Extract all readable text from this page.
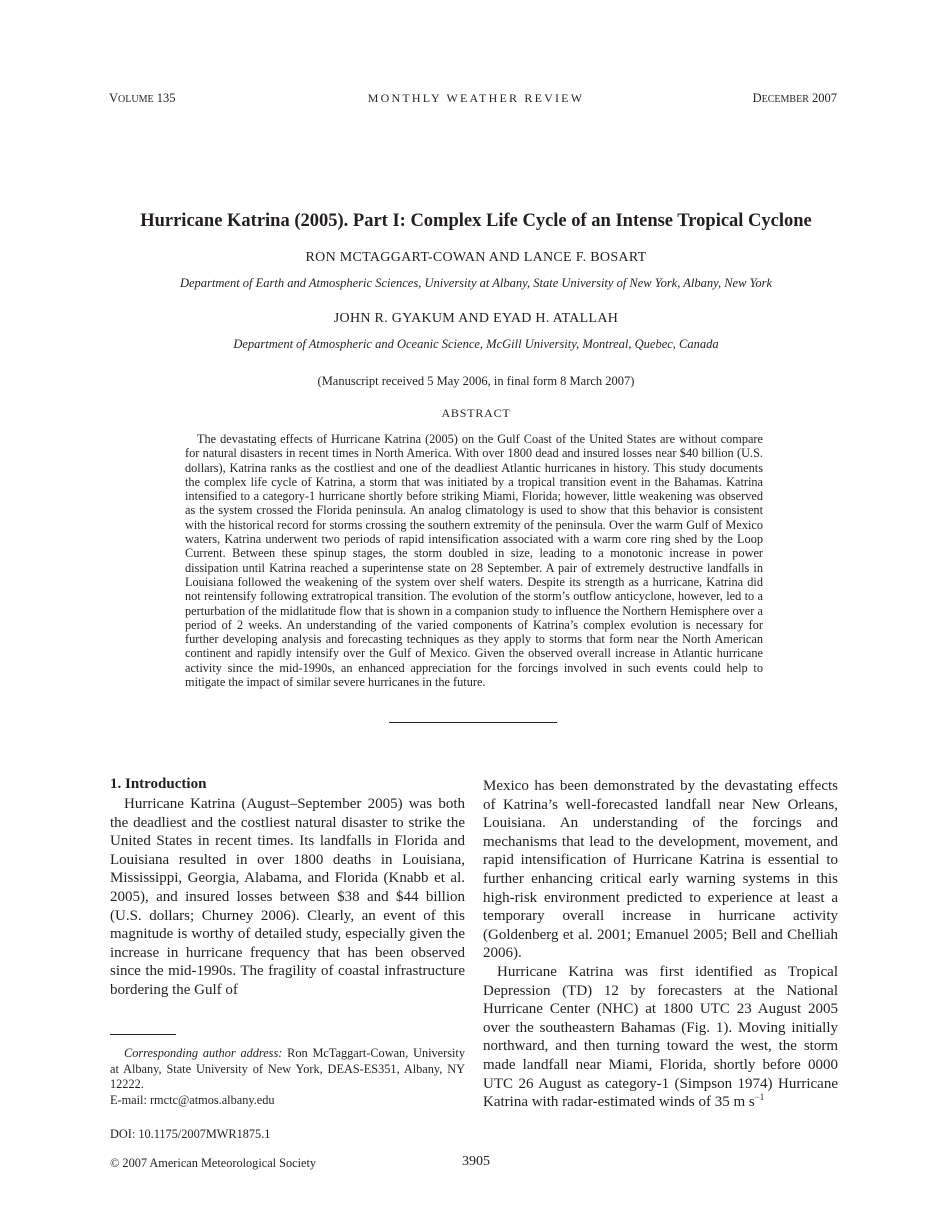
VOLUME 135	MONTHLY WEATHER REVIEW	DECEMBER 2007
Hurricane Katrina (2005). Part I: Complex Life Cycle of an Intense Tropical Cyclone
RON MCTAGGART-COWAN AND LANCE F. BOSART
Department of Earth and Atmospheric Sciences, University at Albany, State University of New York, Albany, New York
JOHN R. GYAKUM AND EYAD H. ATALLAH
Department of Atmospheric and Oceanic Science, McGill University, Montreal, Quebec, Canada
(Manuscript received 5 May 2006, in final form 8 March 2007)
ABSTRACT
The devastating effects of Hurricane Katrina (2005) on the Gulf Coast of the United States are without compare for natural disasters in recent times in North America. With over 1800 dead and insured losses near $40 billion (U.S. dollars), Katrina ranks as the costliest and one of the deadliest Atlantic hurricanes in history. This study documents the complex life cycle of Katrina, a storm that was initiated by a tropical transition event in the Bahamas. Katrina intensified to a category-1 hurricane shortly before striking Miami, Florida; however, little weakening was observed as the system crossed the Florida peninsula. An analog climatology is used to show that this behavior is consistent with the historical record for storms crossing the southern extremity of the peninsula. Over the warm Gulf of Mexico waters, Katrina underwent two periods of rapid intensification associated with a warm core ring shed by the Loop Current. Between these spinup stages, the storm doubled in size, leading to a monotonic increase in power dissipation until Katrina reached a superintense state on 28 September. A pair of extremely destructive landfalls in Louisiana followed the weakening of the system over shelf waters. Despite its strength as a hurricane, Katrina did not reintensify following extratropical transition. The evolution of the storm’s outflow anticyclone, however, led to a perturbation of the midlatitude flow that is shown in a companion study to influence the Northern Hemisphere over a period of 2 weeks. An understanding of the varied components of Katrina’s complex evolution is necessary for further developing analysis and forecasting techniques as they apply to storms that form near the North American continent and rapidly intensify over the Gulf of Mexico. Given the observed overall increase in Atlantic hurricane activity since the mid-1990s, an enhanced appreciation for the forcings involved in such events could help to mitigate the impact of similar severe hurricanes in the future.
1. Introduction

Hurricane Katrina (August–September 2005) was both the deadliest and the costliest natural disaster to strike the United States in recent times. Its landfalls in Florida and Louisiana resulted in over 1800 deaths in Louisiana, Mississippi, Georgia, Alabama, and Florida (Knabb et al. 2005), and insured losses between $38 and $44 billion (U.S. dollars; Churney 2006). Clearly, an event of this magnitude is worthy of detailed study, especially given the increase in hurricane frequency that has been observed since the mid-1990s. The fragility of coastal infrastructure bordering the Gulf of

Corresponding author address: Ron McTaggart-Cowan, University at Albany, State University of New York, DEAS-ES351, Albany, NY 12222.
E-mail: rmctc@atmos.albany.edu
DOI: 10.1175/2007MWR1875.1
© 2007 American Meteorological Society	3905

Mexico has been demonstrated by the devastating effects of Katrina’s well-forecasted landfall near New Orleans, Louisiana. An understanding of the forcings and mechanisms that lead to the development, movement, and rapid intensification of Hurricane Katrina is essential to further enhancing critical early warning systems in this high-risk environment predicted to experience at least a temporary overall increase in hurricane activity (Goldenberg et al. 2001; Emanuel 2005; Bell and Chelliah 2006).

Hurricane Katrina was first identified as Tropical Depression (TD) 12 by forecasters at the National Hurricane Center (NHC) at 1800 UTC 23 August 2005 over the southeastern Bahamas (Fig. 1). Moving initially northward, and then turning toward the west, the storm made landfall near Miami, Florida, shortly before 0000 UTC 26 August as category-1 (Simpson 1974) Hurricane Katrina with radar-estimated winds of 35 m $s^{-1}$
